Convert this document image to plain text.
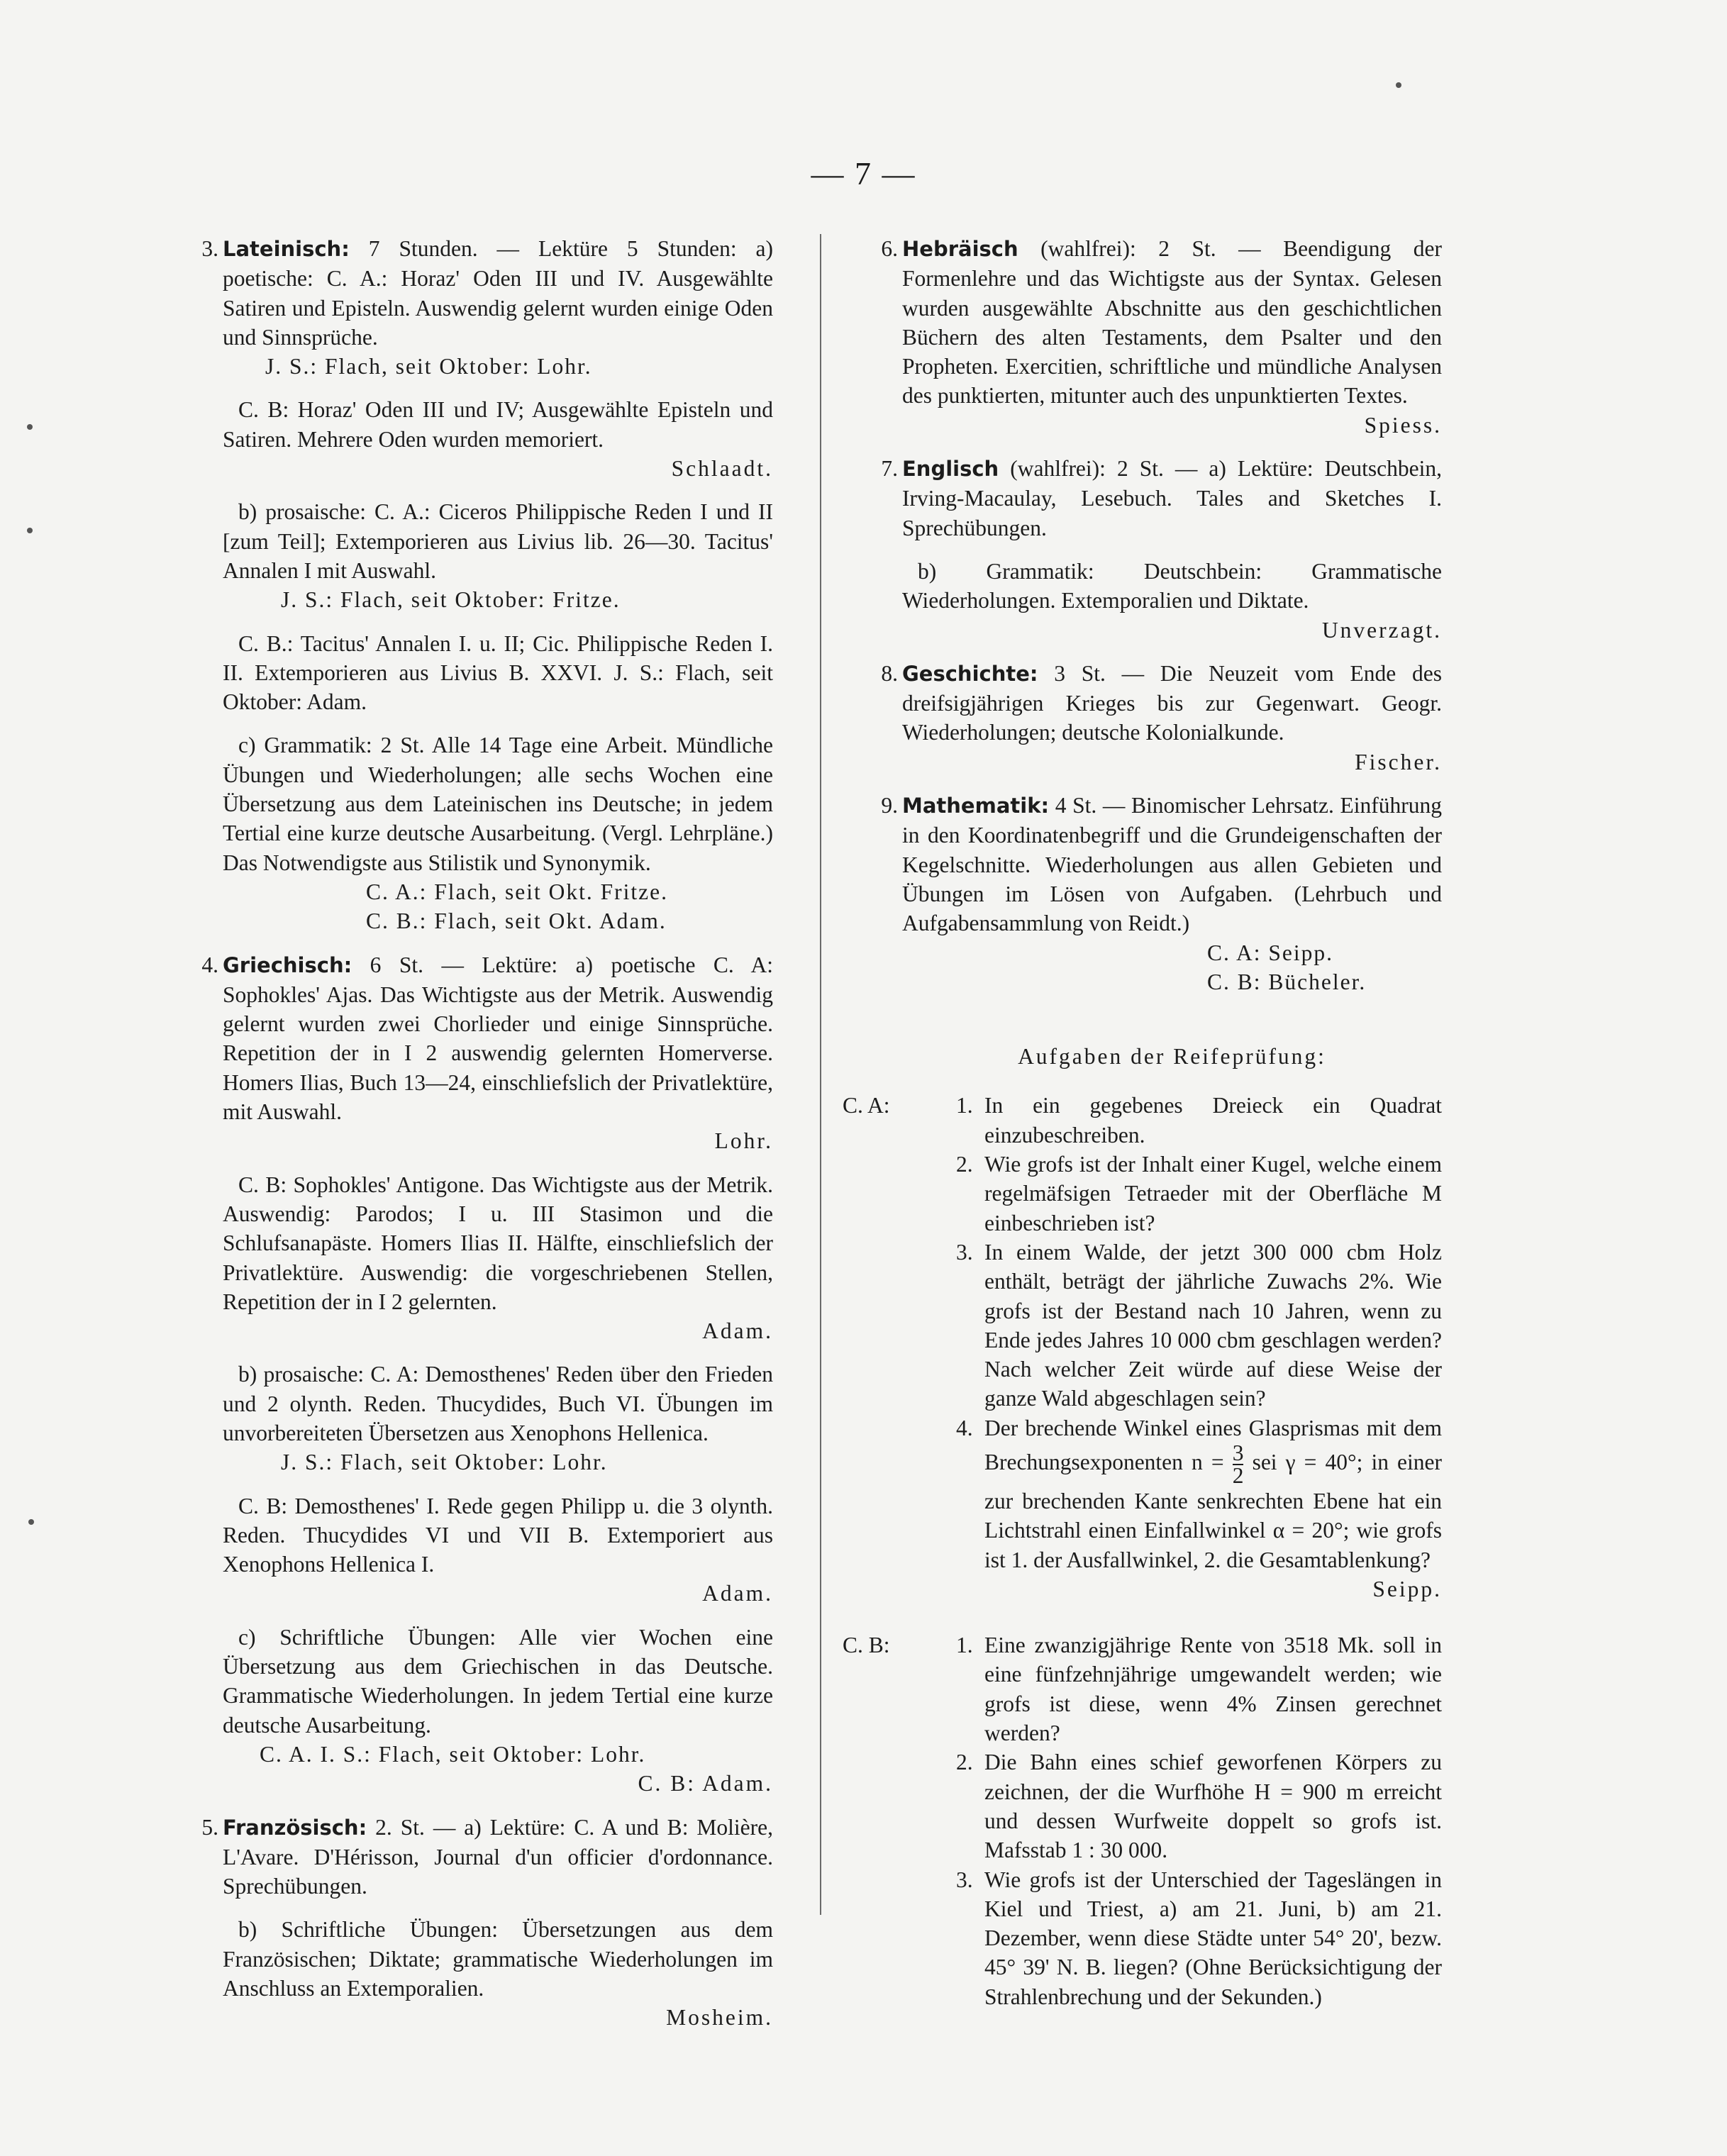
— 7 —
3. Lateinisch: 7 Stunden. — Lektüre 5 Stunden: a) poetische: C. A.: Horaz' Oden III und IV. Ausgewählte Satiren und Episteln. Auswendig gelernt wurden einige Oden und Sinnsprüche.
J. S.: Flach, seit Oktober: Lohr.

C. B: Horaz' Oden III und IV; Ausgewählte Episteln und Satiren. Mehrere Oden wurden memoriert.
Schlaadt.

b) prosaische: C. A.: Ciceros Philippische Reden I und II [zum Teil]; Extemporieren aus Livius lib. 26—30. Tacitus' Annalen I mit Auswahl.
J. S.: Flach, seit Oktober: Fritze.

C. B.: Tacitus' Annalen I. u. II; Cic. Philippische Reden I. II. Extemporieren aus Livius B. XXVI. J. S.: Flach, seit Oktober: Adam.

c) Grammatik: 2 St. Alle 14 Tage eine Arbeit. Mündliche Übungen und Wiederholungen; alle sechs Wochen eine Übersetzung aus dem Lateinischen ins Deutsche; in jedem Tertial eine kurze deutsche Ausarbeitung. (Vergl. Lehrpläne.) Das Notwendigste aus Stilistik und Synonymik.
C. A.: Flach, seit Okt. Fritze.
C. B.: Flach, seit Okt. Adam.

4. Griechisch: 6 St. — Lektüre: a) poetische C. A: Sophokles' Ajas. Das Wichtigste aus der Metrik. Auswendig gelernt wurden zwei Chorlieder und einige Sinnsprüche. Repetition der in I 2 auswendig gelernten Homerverse. Homers Ilias, Buch 13—24, einschliefslich der Privatlektüre, mit Auswahl.
Lohr.

C. B: Sophokles' Antigone. Das Wichtigste aus der Metrik. Auswendig: Parodos; I u. III Stasimon und die Schlufsanapäste. Homers Ilias II. Hälfte, einschliefslich der Privatlektüre. Auswendig: die vorgeschriebenen Stellen, Repetition der in I 2 gelernten.
Adam.

b) prosaische: C. A: Demosthenes' Reden über den Frieden und 2 olynth. Reden. Thucydides, Buch VI. Übungen im unvorbereiteten Übersetzen aus Xenophons Hellenica.
J. S.: Flach, seit Oktober: Lohr.

C. B: Demosthenes' I. Rede gegen Philipp u. die 3 olynth. Reden. Thucydides VI und VII B. Extemporiert aus Xenophons Hellenica I.
Adam.

c) Schriftliche Übungen: Alle vier Wochen eine Übersetzung aus dem Griechischen in das Deutsche. Grammatische Wiederholungen. In jedem Tertial eine kurze deutsche Ausarbeitung.
C. A. I. S.: Flach, seit Oktober: Lohr.
C. B: Adam.

5. Französisch: 2. St. — a) Lektüre: C. A und B: Molière, L'Avare. D'Hérisson, Journal d'un officier d'ordonnance. Sprechübungen.

b) Schriftliche Übungen: Übersetzungen aus dem Französischen; Diktate; grammatische Wiederholungen im Anschluss an Extemporalien.
Mosheim.

6. Hebräisch (wahlfrei): 2 St. — Beendigung der Formenlehre und das Wichtigste aus der Syntax. Gelesen wurden ausgewählte Abschnitte aus den geschichtlichen Büchern des alten Testaments, dem Psalter und den Propheten. Exercitien, schriftliche und mündliche Analysen des punktierten, mitunter auch des unpunktierten Textes.
Spiess.

7. Englisch (wahlfrei): 2 St. — a) Lektüre: Deutschbein, Irving-Macaulay, Lesebuch. Tales and Sketches I. Sprechübungen.

b) Grammatik: Deutschbein: Grammatische Wiederholungen. Extemporalien und Diktate.
Unverzagt.

8. Geschichte: 3 St. — Die Neuzeit vom Ende des dreifsigjährigen Krieges bis zur Gegenwart. Geogr. Wiederholungen; deutsche Kolonialkunde.
Fischer.

9. Mathematik: 4 St. — Binomischer Lehrsatz. Einführung in den Koordinatenbegriff und die Grundeigenschaften der Kegelschnitte. Wiederholungen aus allen Gebieten und Übungen im Lösen von Aufgaben. (Lehrbuch und Aufgabensammlung von Reidt.)
C. A: Seipp.
C. B: Bücheler.

Aufgaben der Reifeprüfung:
C. A:	1. In ein gegebenes Dreieck ein Quadrat einzubeschreiben.
2. Wie grofs ist der Inhalt einer Kugel, welche einem regelmäfsigen Tetraeder mit der Oberfläche M einbeschrieben ist?
3. In einem Walde, der jetzt 300 000 cbm Holz enthält, beträgt der jährliche Zuwachs 2%. Wie grofs ist der Bestand nach 10 Jahren, wenn zu Ende jedes Jahres 10 000 cbm geschlagen werden? Nach welcher Zeit würde auf diese Weise der ganze Wald abgeschlagen sein?
4. Der brechende Winkel eines Glasprismas mit dem Brechungsexponenten $n = \frac{3}{2}$ sei γ = 40°; in einer zur brechenden Kante senkrechten Ebene hat ein Lichtstrahl einen Einfallwinkel α = 20°; wie grofs ist 1. der Ausfallwinkel, 2. die Gesamtablenkung?
Seipp.
C. B:	1. Eine zwanzigjährige Rente von 3518 Mk. soll in eine fünfzehnjährige umgewandelt werden; wie grofs ist diese, wenn 4% Zinsen gerechnet werden?
2. Die Bahn eines schief geworfenen Körpers zu zeichnen, der die Wurfhöhe H = 900 m erreicht und dessen Wurfweite doppelt so grofs ist. Mafsstab 1 : 30 000.
3. Wie grofs ist der Unterschied der Tageslängen in Kiel und Triest, a) am 21. Juni, b) am 21. Dezember, wenn diese Städte unter 54° 20', bezw. 45° 39' N. B. liegen? (Ohne Berücksichtigung der Strahlenbrechung und der Sekunden.)
